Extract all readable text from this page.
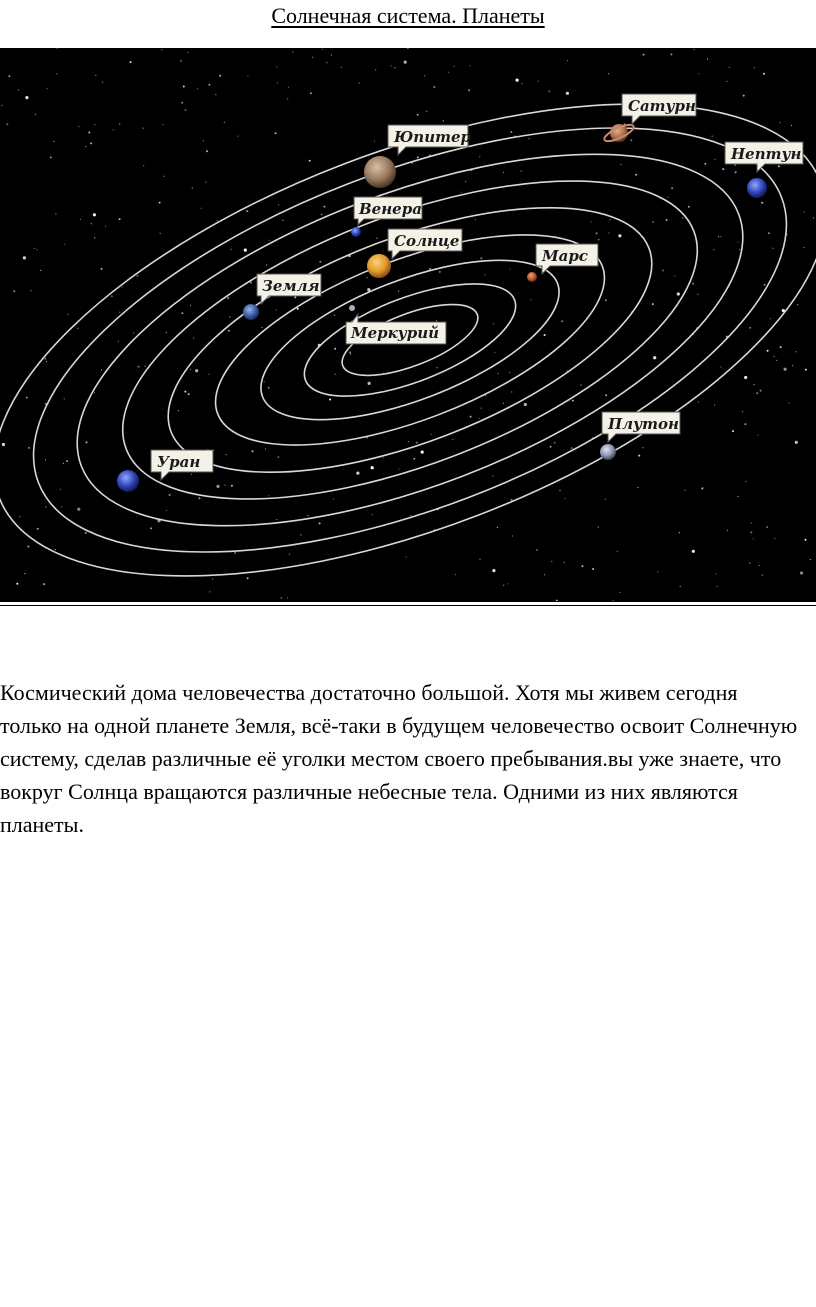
Солнечная система. Планеты
Сатурн
Юпитер
Нептун
Венера
Солнце
Марс
Земля
Меркурий
Плутон
Уран

Космический дома человечества достаточно большой. Хотя мы живем сегодня только на одной планете Земля, всё-таки в будущем человечество освоит Солнечную систему, сделав различные её уголки местом своего пребывания.вы уже знаете, что вокруг Солнца вращаются различные небесные тела. Одними из них являются планеты.
